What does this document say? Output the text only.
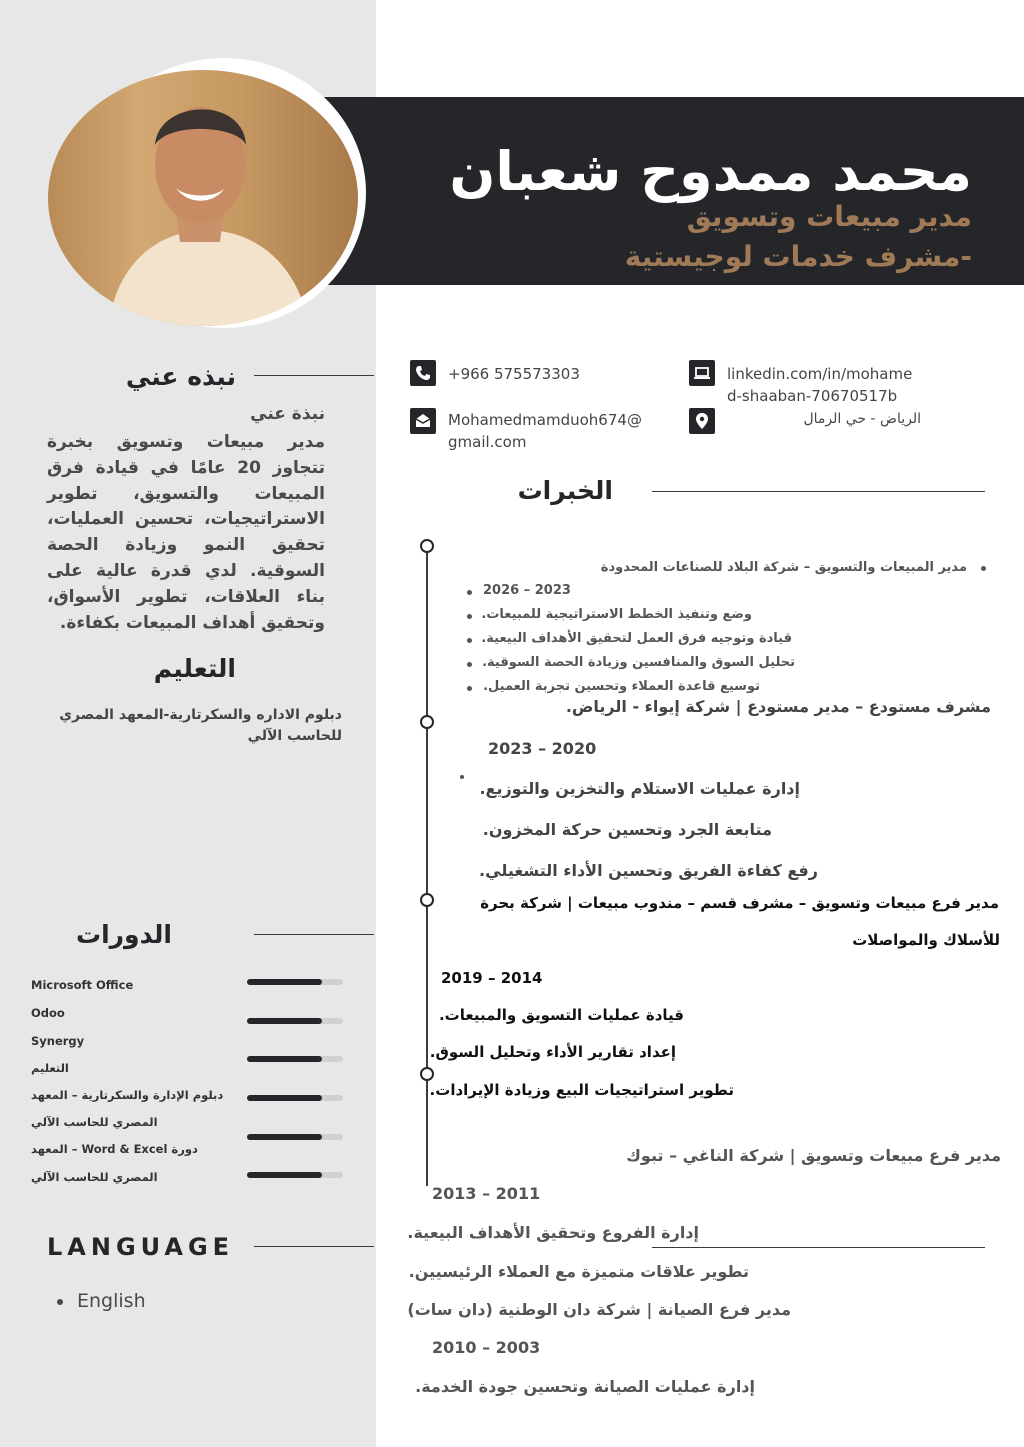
محمد ممدوح شعبان
مدير مبيعات وتسويق
-مشرف خدمات لوجيستية
نبذه عني
نبذة عني
مدير مبيعات وتسويق بخبرة تتجاوز 20 عامًا في قيادة فرق المبيعات والتسويق، تطوير الاستراتيجيات، تحسين العمليات، تحقيق النمو وزيادة الحصة السوقية. لدي قدرة عالية على بناء العلاقات، تطوير الأسواق، وتحقيق أهداف المبيعات بكفاءة.
التعليم
دبلوم الاداره والسكرتارية-المعهد المصري
للحاسب الآلي
الدورات
Microsoft Office
Odoo
Synergy
التعليم
دبلوم الإدارة والسكرتارية – المعهد
المصري للحاسب الآلي
دورة Word & Excel – المعهد
المصري للحاسب الآلي
LANGUAGE
English
+966 575573303
Mohamedmamduoh674@
gmail.com
linkedin.com/in/mohame
d-shaaban-70670517b
الرياض - حي الرمال
الخبرات
مدير المبيعات والتسويق – شركة البلاد للصناعات المحدودة
2026 – 2023
وضع وتنفيذ الخطط الاستراتيجية للمبيعات.
قيادة وتوجيه فرق العمل لتحقيق الأهداف البيعية.
تحليل السوق والمنافسين وزيادة الحصة السوقية.
توسيع قاعدة العملاء وتحسين تجربة العميل.
مشرف مستودع – مدير مستودع | شركة إيواء - الرياض.
2023 – 2020
إدارة عمليات الاستلام والتخزين والتوزيع.
متابعة الجرد وتحسين حركة المخزون.
رفع كفاءة الفريق وتحسين الأداء التشغيلي.
مدير فرع مبيعات وتسويق – مشرف قسم – مندوب مبيعات | شركة بحرة
للأسلاك والمواصلات
2019 – 2014
قيادة عمليات التسويق والمبيعات.
إعداد تقارير الأداء وتحليل السوق.
تطوير استراتيجيات البيع وزيادة الإيرادات.
مدير فرع مبيعات وتسويق | شركة الناغي – تبوك
2013 – 2011
إدارة الفروع وتحقيق الأهداف البيعية.
تطوير علاقات متميزة مع العملاء الرئيسيين.
مدير فرع الصيانة | شركة دان الوطنية (دان سات)
2010 – 2003
إدارة عمليات الصيانة وتحسين جودة الخدمة.
